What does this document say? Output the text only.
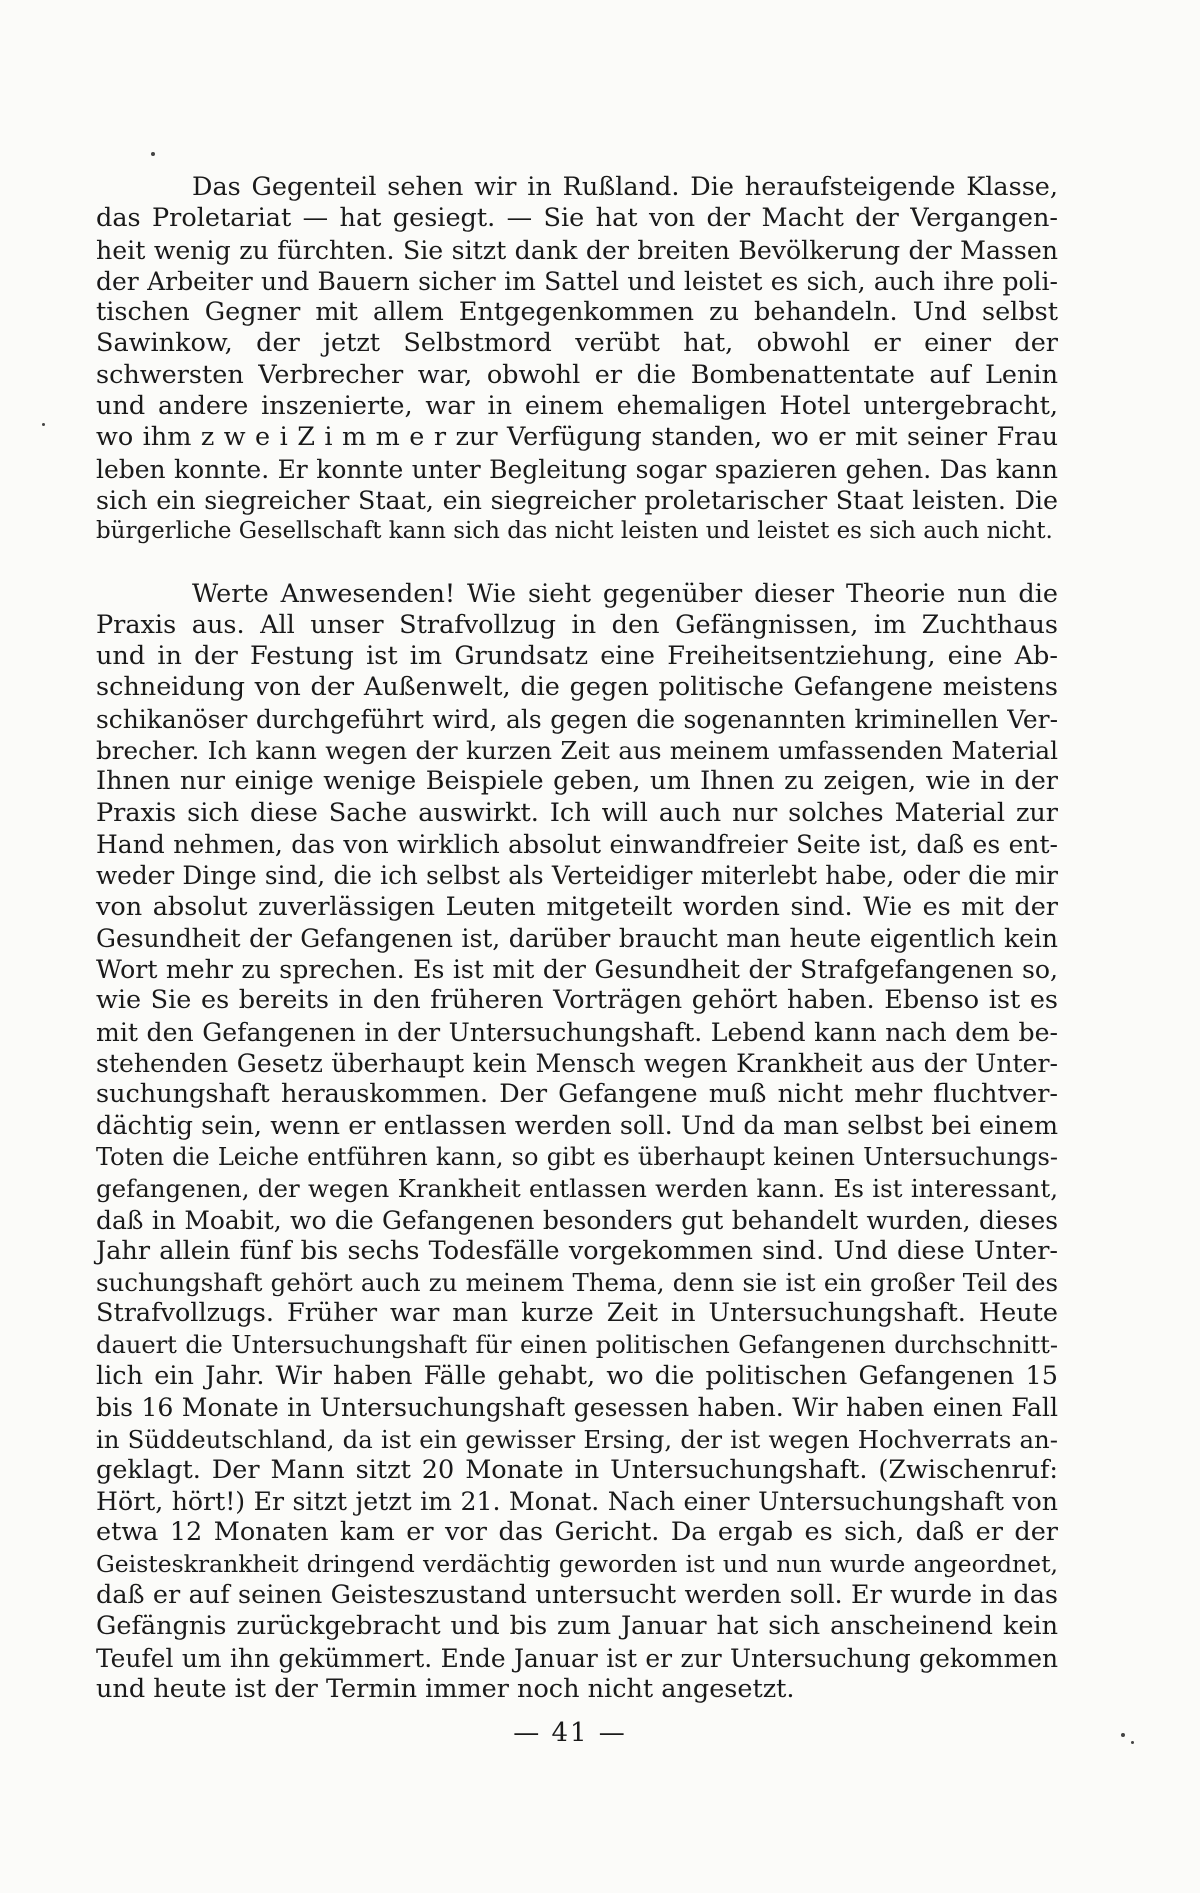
Das Gegenteil sehen wir in Rußland. Die heraufsteigende Klasse,
das Proletariat — hat gesiegt. — Sie hat von der Macht der Vergangen-
heit wenig zu fürchten. Sie sitzt dank der breiten Bevölkerung der Massen
der Arbeiter und Bauern sicher im Sattel und leistet es sich, auch ihre poli-
tischen Gegner mit allem Entgegenkommen zu behandeln. Und selbst
Sawinkow, der jetzt Selbstmord verübt hat, obwohl er einer der
schwersten Verbrecher war, obwohl er die Bombenattentate auf Lenin
und andere inszenierte, war in einem ehemaligen Hotel untergebracht,
wo ihm z w e i Z i m m e r zur Verfügung standen, wo er mit seiner Frau
leben konnte. Er konnte unter Begleitung sogar spazieren gehen. Das kann
sich ein siegreicher Staat, ein siegreicher proletarischer Staat leisten. Die
bürgerliche Gesellschaft kann sich das nicht leisten und leistet es sich auch nicht.

Werte Anwesenden! Wie sieht gegenüber dieser Theorie nun die
Praxis aus. All unser Strafvollzug in den Gefängnissen, im Zuchthaus
und in der Festung ist im Grundsatz eine Freiheitsentziehung, eine Ab-
schneidung von der Außenwelt, die gegen politische Gefangene meistens
schikanöser durchgeführt wird, als gegen die sogenannten kriminellen Ver-
brecher. Ich kann wegen der kurzen Zeit aus meinem umfassenden Material
Ihnen nur einige wenige Beispiele geben, um Ihnen zu zeigen, wie in der
Praxis sich diese Sache auswirkt. Ich will auch nur solches Material zur
Hand nehmen, das von wirklich absolut einwandfreier Seite ist, daß es ent-
weder Dinge sind, die ich selbst als Verteidiger miterlebt habe, oder die mir
von absolut zuverlässigen Leuten mitgeteilt worden sind. Wie es mit der
Gesundheit der Gefangenen ist, darüber braucht man heute eigentlich kein
Wort mehr zu sprechen. Es ist mit der Gesundheit der Strafgefangenen so,
wie Sie es bereits in den früheren Vorträgen gehört haben. Ebenso ist es
mit den Gefangenen in der Untersuchungshaft. Lebend kann nach dem be-
stehenden Gesetz überhaupt kein Mensch wegen Krankheit aus der Unter-
suchungshaft herauskommen. Der Gefangene muß nicht mehr fluchtver-
dächtig sein, wenn er entlassen werden soll. Und da man selbst bei einem
Toten die Leiche entführen kann, so gibt es überhaupt keinen Untersuchungs-
gefangenen, der wegen Krankheit entlassen werden kann. Es ist interessant,
daß in Moabit, wo die Gefangenen besonders gut behandelt wurden, dieses
Jahr allein fünf bis sechs Todesfälle vorgekommen sind. Und diese Unter-
suchungshaft gehört auch zu meinem Thema, denn sie ist ein großer Teil des
Strafvollzugs. Früher war man kurze Zeit in Untersuchungshaft. Heute
dauert die Untersuchungshaft für einen politischen Gefangenen durchschnitt-
lich ein Jahr. Wir haben Fälle gehabt, wo die politischen Gefangenen 15
bis 16 Monate in Untersuchungshaft gesessen haben. Wir haben einen Fall
in Süddeutschland, da ist ein gewisser Ersing, der ist wegen Hochverrats an-
geklagt. Der Mann sitzt 20 Monate in Untersuchungshaft. (Zwischenruf:
Hört, hört!) Er sitzt jetzt im 21. Monat. Nach einer Untersuchungshaft von
etwa 12 Monaten kam er vor das Gericht. Da ergab es sich, daß er der
Geisteskrankheit dringend verdächtig geworden ist und nun wurde angeordnet,
daß er auf seinen Geisteszustand untersucht werden soll. Er wurde in das
Gefängnis zurückgebracht und bis zum Januar hat sich anscheinend kein
Teufel um ihn gekümmert. Ende Januar ist er zur Untersuchung gekommen
und heute ist der Termin immer noch nicht angesetzt.

— 41 —
